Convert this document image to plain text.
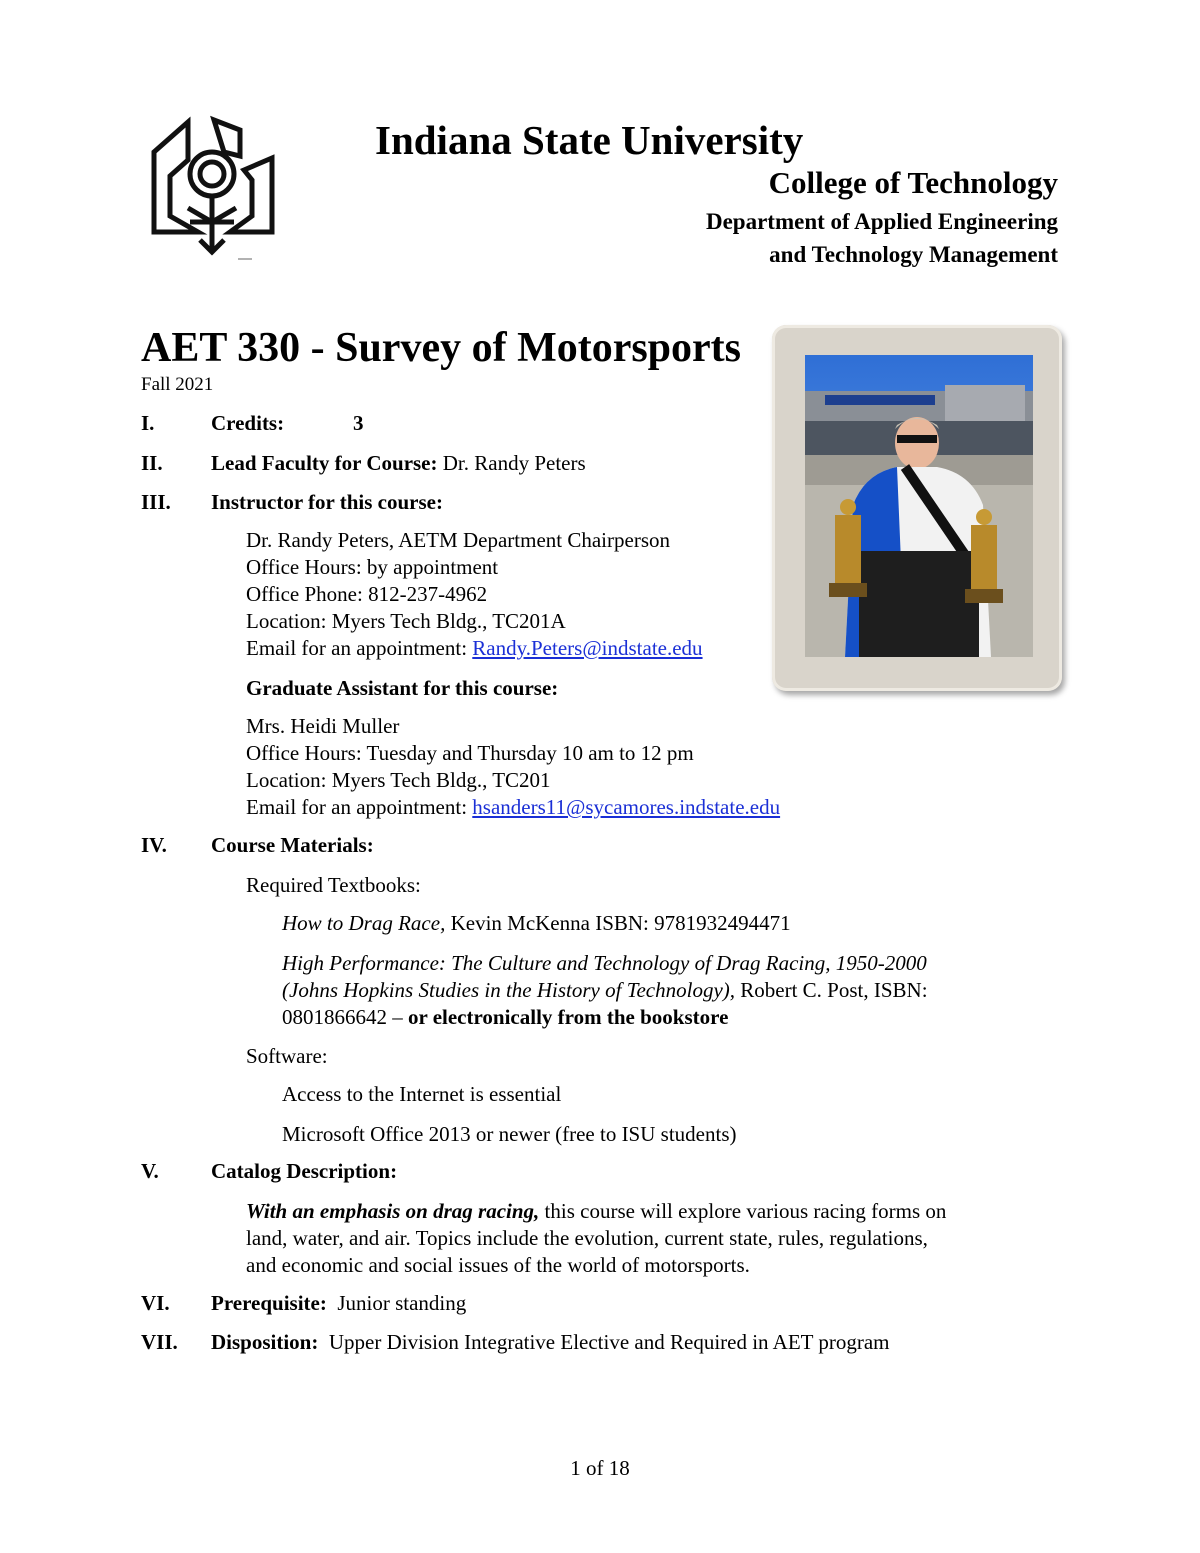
Indiana State University
College of Technology
Department of Applied Engineering
and Technology Management
AET 330 - Survey of Motorsports
Fall 2021
I.	Credits:	3
II. Lead Faculty for Course: Dr. Randy Peters
III. Instructor for this course:
Dr. Randy Peters, AETM Department Chairperson
Office Hours: by appointment
Office Phone: 812-237-4962
Location: Myers Tech Bldg., TC201A
Email for an appointment: Randy.Peters@indstate.edu
Graduate Assistant for this course:
Mrs. Heidi Muller
Office Hours: Tuesday and Thursday 10 am to 12 pm
Location: Myers Tech Bldg., TC201
Email for an appointment: hsanders11@sycamores.indstate.edu
IV. Course Materials:
Required Textbooks:
How to Drag Race, Kevin McKenna ISBN: 9781932494471
High Performance: The Culture and Technology of Drag Racing, 1950-2000
(Johns Hopkins Studies in the History of Technology), Robert C. Post, ISBN:
0801866642 – or electronically from the bookstore
Software:
Access to the Internet is essential
Microsoft Office 2013 or newer (free to ISU students)
V. Catalog Description:
With an emphasis on drag racing, this course will explore various racing forms on
land, water, and air. Topics include the evolution, current state, rules, regulations,
and economic and social issues of the world of motorsports.
VI. Prerequisite: Junior standing
VII. Disposition: Upper Division Integrative Elective and Required in AET program
1 of 18
